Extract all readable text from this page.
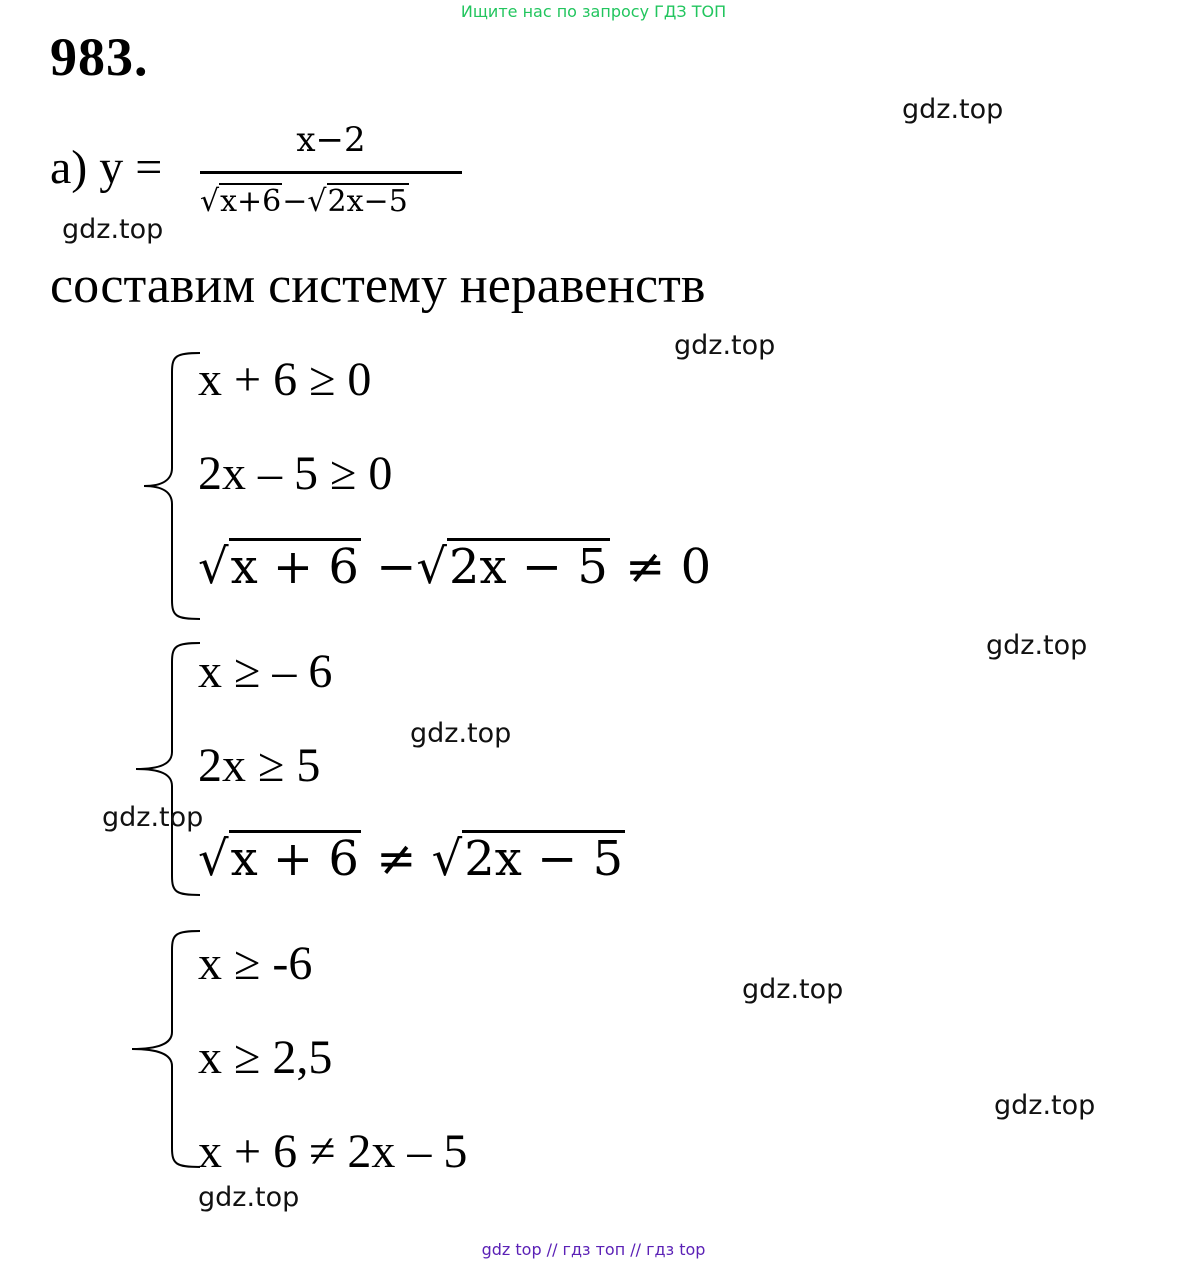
Ищите нас по запросу ГДЗ ТОП
983.
а) y =
x−2
√x+6−√2x−5
составим систему неравенств
x + 6 ≥ 0
2x – 5 ≥ 0
√x + 6 −√2x − 5 ≠ 0
x ≥ – 6
2x ≥ 5
√x + 6 ≠ √2x − 5
x ≥ -6
x ≥ 2,5
x + 6 ≠ 2x – 5
gdz.top
gdz.top
gdz.top
gdz.top
gdz.top
gdz.top
gdz.top
gdz.top
gdz.top
gdz top // гдз топ // гдз top
